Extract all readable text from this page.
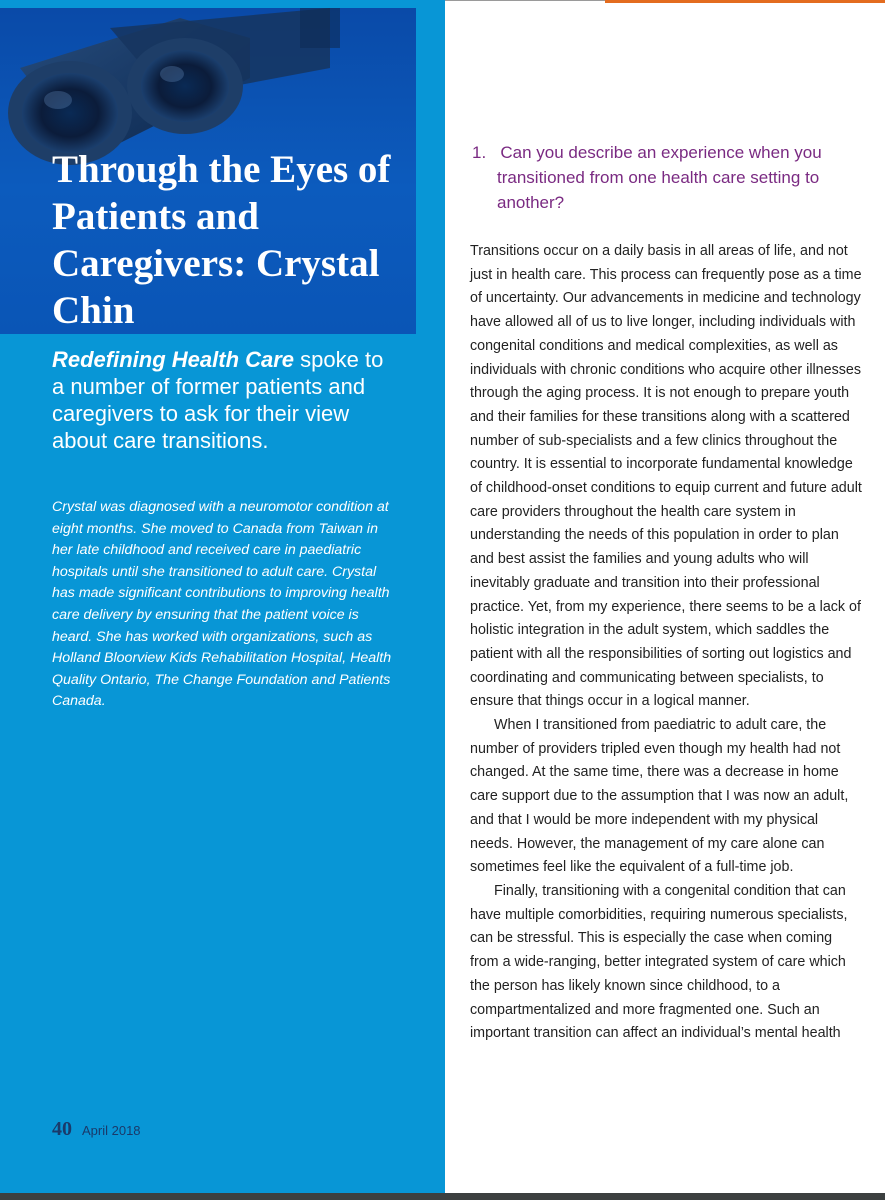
Through the Eyes of Patients and Caregivers: Crystal Chin

Redefining Health Care spoke to a number of former patients and caregivers to ask for their view about care transitions.

Crystal was diagnosed with a neuromotor condition at eight months. She moved to Canada from Taiwan in her late childhood and received care in paediatric hospitals until she transitioned to adult care. Crystal has made significant contributions to improving health care delivery by ensuring that the patient voice is heard. She has worked with organizations, such as Holland Bloorview Kids Rehabilitation Hospital, Health Quality Ontario, The Change Foundation and Patients Canada.

40 April 2018

1.   Can you describe an experience when you transitioned from one health care setting to another?

Transitions occur on a daily basis in all areas of life, and not just in health care. This process can frequently pose as a time of uncertainty. Our advancements in medicine and technology have allowed all of us to live longer, including individuals with congenital conditions and medical complexities, as well as individuals with chronic conditions who acquire other illnesses through the aging process. It is not enough to prepare youth and their families for these transitions along with a scattered number of sub-specialists and a few clinics throughout the country. It is essential to incorporate fundamental knowledge of childhood-onset conditions to equip current and future adult care providers throughout the health care system in understanding the needs of this population in order to plan and best assist the families and young adults who will inevitably graduate and transition into their professional practice. Yet, from my experience, there seems to be a lack of holistic integration in the adult system, which saddles the patient with all the responsibilities of sorting out logistics and coordinating and communicating between specialists, to ensure that things occur in a logical manner.

When I transitioned from paediatric to adult care, the number of providers tripled even though my health had not changed. At the same time, there was a decrease in home care support due to the assumption that I was now an adult, and that I would be more independent with my physical needs. However, the management of my care alone can sometimes feel like the equivalent of a full-time job.

Finally, transitioning with a congenital condition that can have multiple comorbidities, requiring numerous specialists, can be stressful. This is especially the case when coming from a wide-ranging, better integrated system of care which the person has likely known since childhood, to a compartmentalized and more fragmented one. Such an important transition can affect an individual’s mental health
